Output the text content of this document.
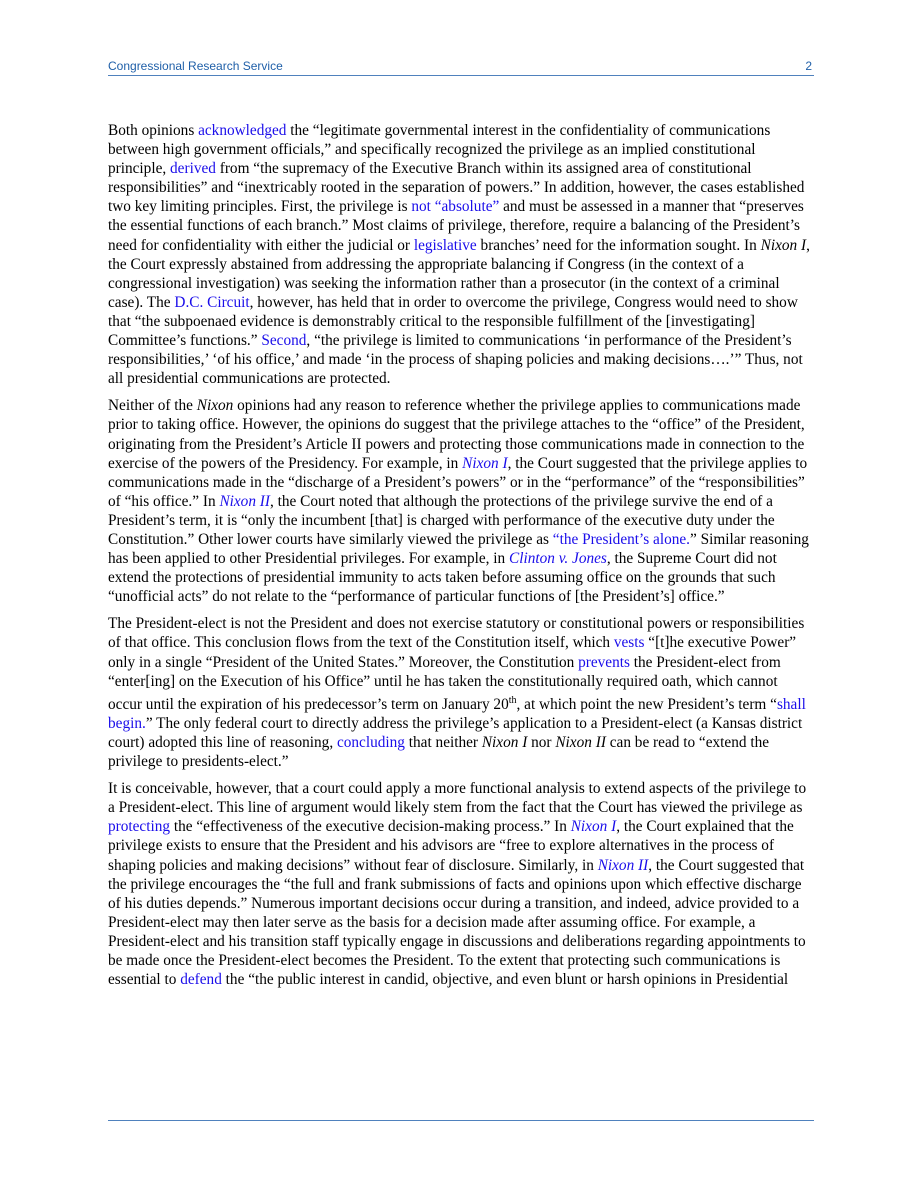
Congressional Research Service	2

Both opinions acknowledged the “legitimate governmental interest in the confidentiality of communications between high government officials,” and specifically recognized the privilege as an implied constitutional principle, derived from “the supremacy of the Executive Branch within its assigned area of constitutional responsibilities” and “inextricably rooted in the separation of powers.” In addition, however, the cases established two key limiting principles. First, the privilege is not “absolute” and must be assessed in a manner that “preserves the essential functions of each branch.” Most claims of privilege, therefore, require a balancing of the President’s need for confidentiality with either the judicial or legislative branches’ need for the information sought. In Nixon I, the Court expressly abstained from addressing the appropriate balancing if Congress (in the context of a congressional investigation) was seeking the information rather than a prosecutor (in the context of a criminal case). The D.C. Circuit, however, has held that in order to overcome the privilege, Congress would need to show that “the subpoenaed evidence is demonstrably critical to the responsible fulfillment of the [investigating] Committee’s functions.” Second, “the privilege is limited to communications ‘in performance of the President’s responsibilities,’ ‘of his office,’ and made ‘in the process of shaping policies and making decisions….’” Thus, not all presidential communications are protected.

Neither of the Nixon opinions had any reason to reference whether the privilege applies to communications made prior to taking office. However, the opinions do suggest that the privilege attaches to the “office” of the President, originating from the President’s Article II powers and protecting those communications made in connection to the exercise of the powers of the Presidency. For example, in Nixon I, the Court suggested that the privilege applies to communications made in the “discharge of a President’s powers” or in the “performance” of the “responsibilities” of “his office.” In Nixon II, the Court noted that although the protections of the privilege survive the end of a President’s term, it is “only the incumbent [that] is charged with performance of the executive duty under the Constitution.” Other lower courts have similarly viewed the privilege as “the President’s alone.” Similar reasoning has been applied to other Presidential privileges. For example, in Clinton v. Jones, the Supreme Court did not extend the protections of presidential immunity to acts taken before assuming office on the grounds that such “unofficial acts” do not relate to the “performance of particular functions of [the President’s] office.”

The President-elect is not the President and does not exercise statutory or constitutional powers or responsibilities of that office. This conclusion flows from the text of the Constitution itself, which vests “[t]he executive Power” only in a single “President of the United States.” Moreover, the Constitution prevents the President-elect from “enter[ing] on the Execution of his Office” until he has taken the constitutionally required oath, which cannot occur until the expiration of his predecessor’s term on January 20th, at which point the new President’s term “shall begin.” The only federal court to directly address the privilege’s application to a President-elect (a Kansas district court) adopted this line of reasoning, concluding that neither Nixon I nor Nixon II can be read to “extend the privilege to presidents-elect.”

It is conceivable, however, that a court could apply a more functional analysis to extend aspects of the privilege to a President-elect. This line of argument would likely stem from the fact that the Court has viewed the privilege as protecting the “effectiveness of the executive decision-making process.” In Nixon I, the Court explained that the privilege exists to ensure that the President and his advisors are “free to explore alternatives in the process of shaping policies and making decisions” without fear of disclosure. Similarly, in Nixon II, the Court suggested that the privilege encourages the “the full and frank submissions of facts and opinions upon which effective discharge of his duties depends.” Numerous important decisions occur during a transition, and indeed, advice provided to a President-elect may then later serve as the basis for a decision made after assuming office. For example, a President-elect and his transition staff typically engage in discussions and deliberations regarding appointments to be made once the President-elect becomes the President. To the extent that protecting such communications is essential to defend the “the public interest in candid, objective, and even blunt or harsh opinions in Presidential
